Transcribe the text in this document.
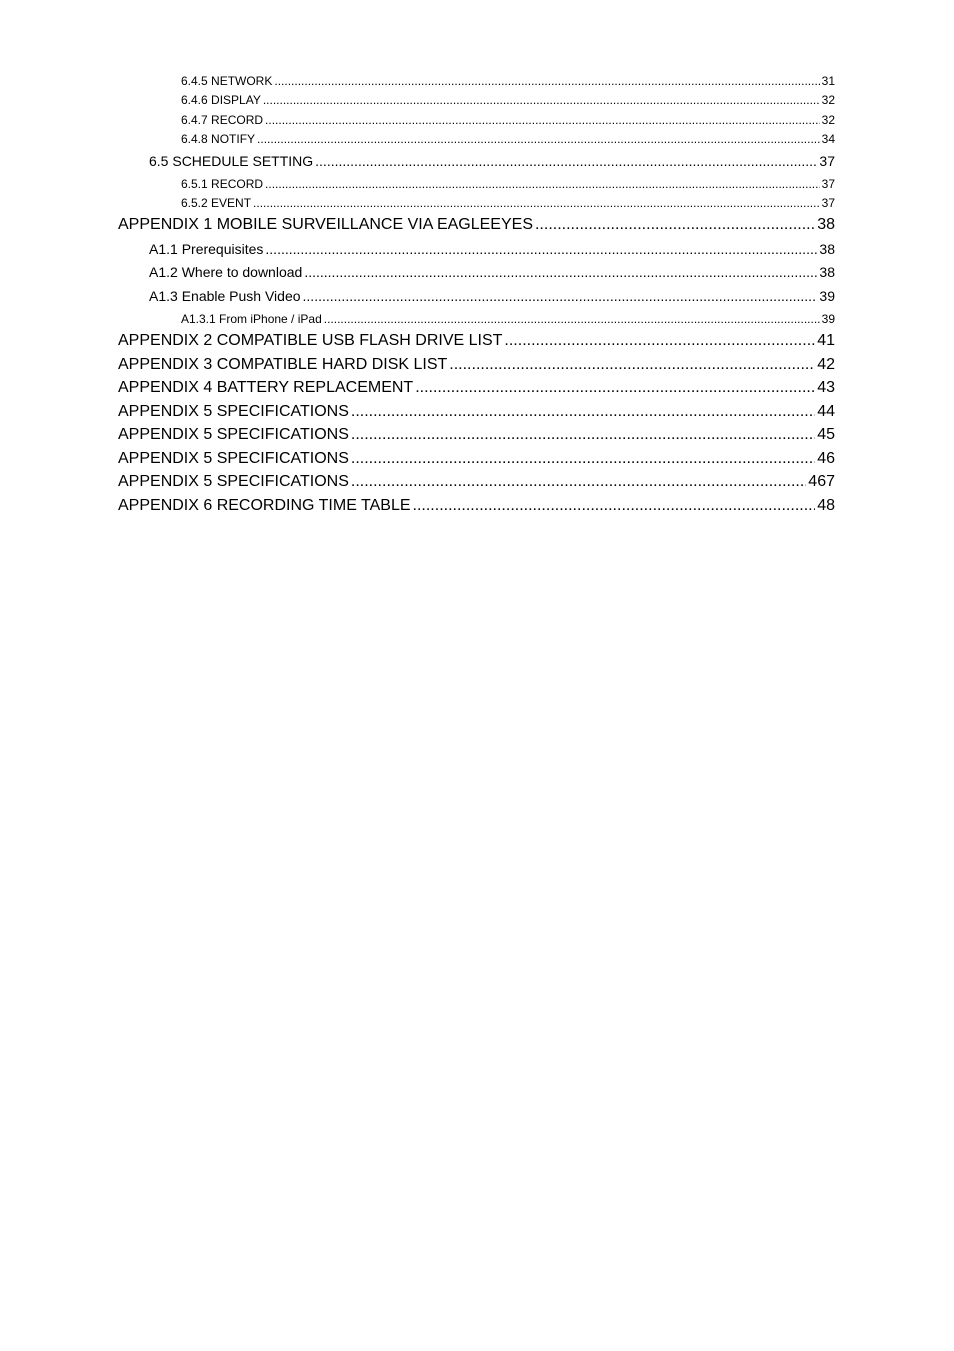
6.4.5 NETWORK .....	31
6.4.6 DISPLAY .....	32
6.4.7 RECORD .....	32
6.4.8 NOTIFY .....	34
6.5 SCHEDULE SETTING .....	37
6.5.1 RECORD .....	37
6.5.2 EVENT .....	37
APPENDIX 1 MOBILE SURVEILLANCE VIA EAGLEEYES .....	38
A1.1 Prerequisites .....	38
A1.2 Where to download .....	38
A1.3 Enable Push Video .....	39
A1.3.1 From iPhone / iPad .....	39
APPENDIX 2 COMPATIBLE USB FLASH DRIVE LIST .....	41
APPENDIX 3 COMPATIBLE HARD DISK LIST .....	42
APPENDIX 4 BATTERY REPLACEMENT .....	43
APPENDIX 5 SPECIFICATIONS .....	44
APPENDIX 5 SPECIFICATIONS .....	45
APPENDIX 5 SPECIFICATIONS .....	46
APPENDIX 5 SPECIFICATIONS .....	467
APPENDIX 6 RECORDING TIME TABLE .....	48
